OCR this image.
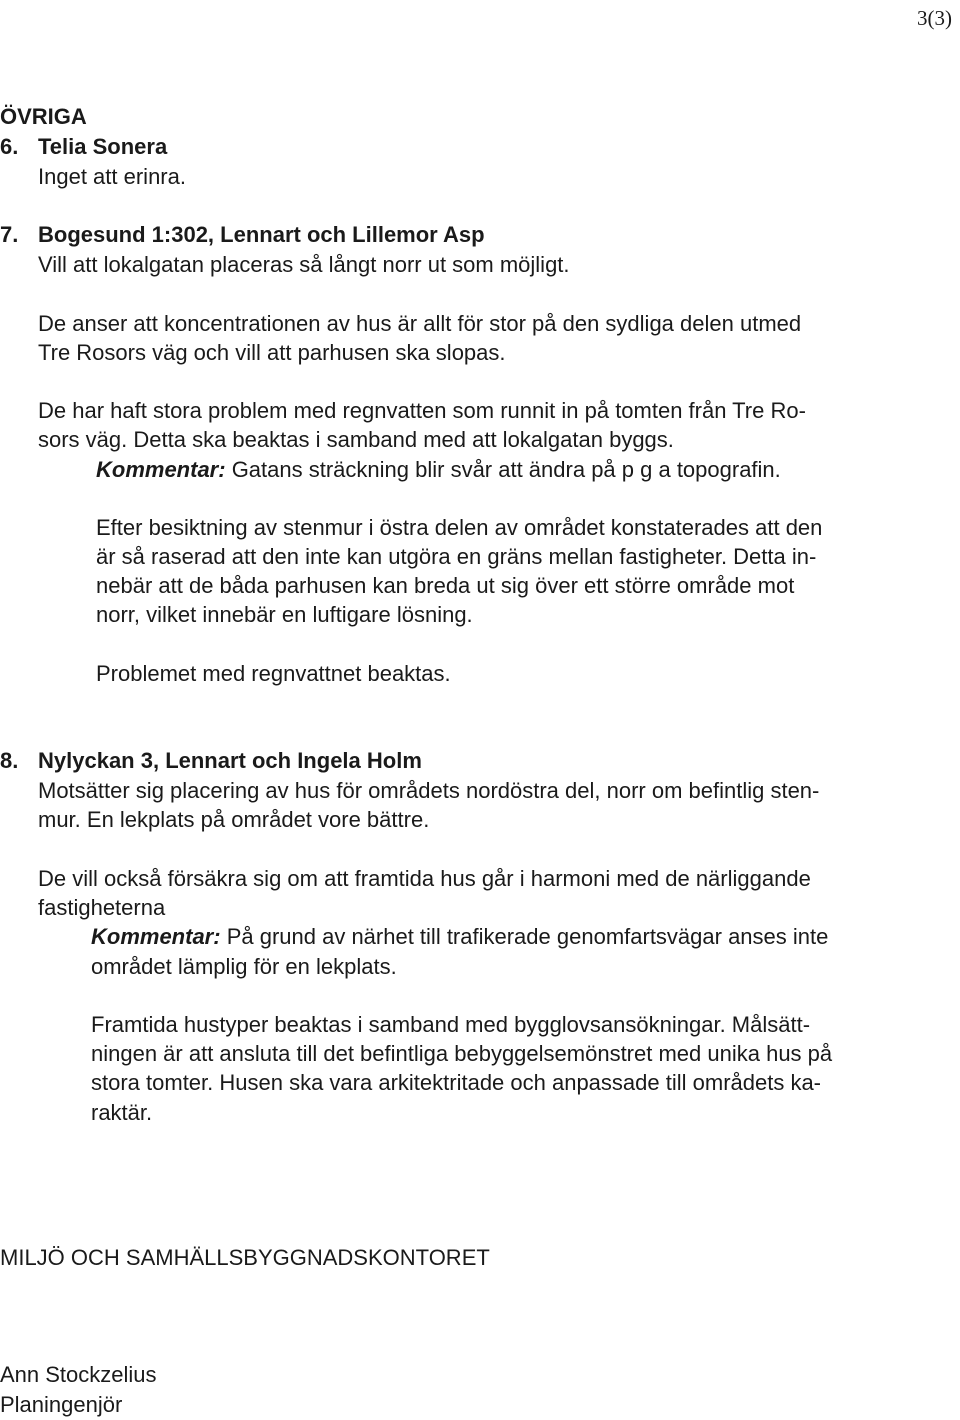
3(3)
ÖVRIGA
6. Telia Sonera
Inget att erinra.
7. Bogesund 1:302, Lennart och Lillemor Asp
Vill att lokalgatan placeras så långt norr ut som möjligt.
De anser att koncentrationen av hus är allt för stor på den sydliga delen utmed
Tre Rosors väg och vill att parhusen ska slopas.
De har haft stora problem med regnvatten som runnit in på tomten från Tre Ro-
sors väg. Detta ska beaktas i samband med att lokalgatan byggs.
Kommentar: Gatans sträckning blir svår att ändra på p g a topografin.
Efter besiktning av stenmur i östra delen av området konstaterades att den
är så raserad att den inte kan utgöra en gräns mellan fastigheter. Detta in-
nebär att de båda parhusen kan breda ut sig över ett större område mot
norr, vilket innebär en luftigare lösning.
Problemet med regnvattnet beaktas.
8. Nylyckan 3, Lennart och Ingela Holm
Motsätter sig placering av hus för områdets nordöstra del, norr om befintlig sten-
mur. En lekplats på området vore bättre.
De vill också försäkra sig om att framtida hus går i harmoni med de närliggande
fastigheterna
Kommentar: På grund av närhet till trafikerade genomfartsvägar anses inte
området lämplig för en lekplats.
Framtida hustyper beaktas i samband med bygglovsansökningar. Målsätt-
ningen är att ansluta till det befintliga bebyggelsemönstret med unika hus på
stora tomter. Husen ska vara arkitektritade och anpassade till områdets ka-
raktär.
MILJÖ OCH SAMHÄLLSBYGGNADSKONTORET
Ann Stockzelius
Planingenjör
